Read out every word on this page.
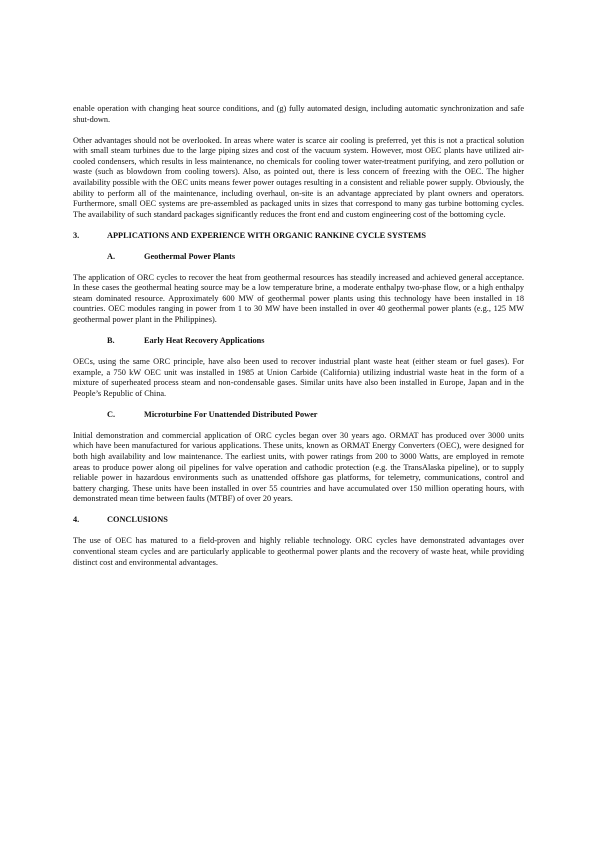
enable operation with changing heat source conditions, and (g) fully automated design, including automatic synchronization and safe shut-down.

Other advantages should not be overlooked. In areas where water is scarce air cooling is preferred, yet this is not a practical solution with small steam turbines due to the large piping sizes and cost of the vacuum system. However, most OEC plants have utilized air-cooled condensers, which results in less maintenance, no chemicals for cooling tower water-treatment purifying, and zero pollution or waste (such as blowdown from cooling towers). Also, as pointed out, there is less concern of freezing with the OEC. The higher availability possible with the OEC units means fewer power outages resulting in a consistent and reliable power supply. Obviously, the ability to perform all of the maintenance, including overhaul, on-site is an advantage appreciated by plant owners and operators. Furthermore, small OEC systems are pre-assembled as packaged units in sizes that correspond to many gas turbine bottoming cycles. The availability of such standard packages significantly reduces the front end and custom engineering cost of the bottoming cycle.

3.	APPLICATIONS AND EXPERIENCE WITH ORGANIC RANKINE CYCLE SYSTEMS
A.	Geothermal Power Plants

The application of ORC cycles to recover the heat from geothermal resources has steadily increased and achieved general acceptance. In these cases the geothermal heating source may be a low temperature brine, a moderate enthalpy two-phase flow, or a high enthalpy steam dominated resource. Approximately 600 MW of geothermal power plants using this technology have been installed in 18 countries. OEC modules ranging in power from 1 to 30 MW have been installed in over 40 geothermal power plants (e.g., 125 MW geothermal power plant in the Philippines).

B.	Early Heat Recovery Applications

OECs, using the same ORC principle, have also been used to recover industrial plant waste heat (either steam or fuel gases). For example, a 750 kW OEC unit was installed in 1985 at Union Carbide (California) utilizing industrial waste heat in the form of a mixture of superheated process steam and non-condensable gases. Similar units have also been installed in Europe, Japan and in the People’s Republic of China.

C.	Microturbine For Unattended Distributed Power

Initial demonstration and commercial application of ORC cycles began over 30 years ago. ORMAT has produced over 3000 units which have been manufactured for various applications. These units, known as ORMAT Energy Converters (OEC), were designed for both high availability and low maintenance. The earliest units, with power ratings from 200 to 3000 Watts, are employed in remote areas to produce power along oil pipelines for valve operation and cathodic protection (e.g. the TransAlaska pipeline), or to supply reliable power in hazardous environments such as unattended offshore gas platforms, for telemetry, communications, control and battery charging. These units have been installed in over 55 countries and have accumulated over 150 million operating hours, with demonstrated mean time between faults (MTBF) of over 20 years.

4.	CONCLUSIONS

The use of OEC has matured to a field-proven and highly reliable technology. ORC cycles have demonstrated advantages over conventional steam cycles and are particularly applicable to geothermal power plants and the recovery of waste heat, while providing distinct cost and environmental advantages.
